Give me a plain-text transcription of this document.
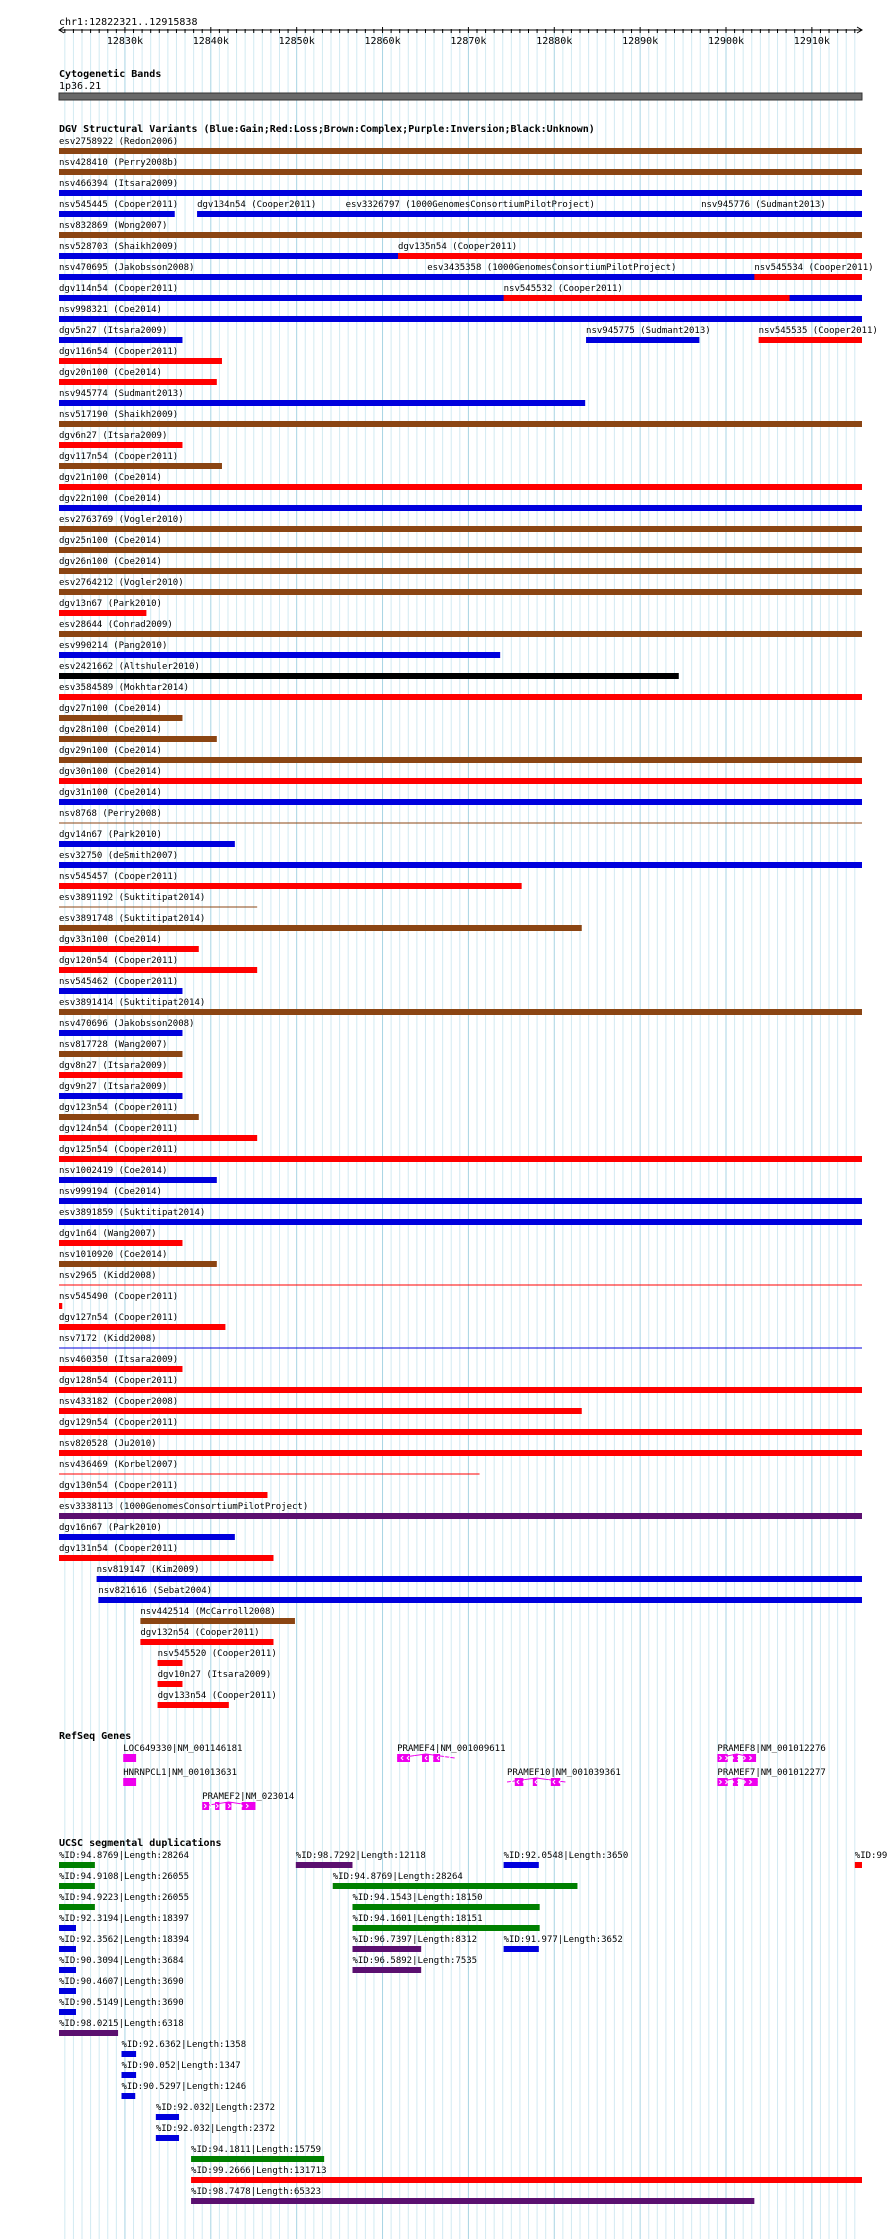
chr1:12822321..12915838
12830k	12840k	12850k	12860k	12870k	12880k	12890k	12900k	12910k
Cytogenetic Bands
1p36.21
DGV Structural Variants (Blue:Gain;Red:Loss;Brown:Complex;Purple:Inversion;Black:Unknown)
esv2758922 (Redon2006)
nsv428410 (Perry2008b)
nsv466394 (Itsara2009)
nsv545445 (Cooper2011) dgv134n54 (Cooper2011)	esv3326797 (1000GenomesConsortiumPilotProject)	nsv945776 (Sudmant2013)
nsv832869 (Wong2007)
nsv528703 (Shaikh2009)	dgv135n54 (Cooper2011)
nsv470695 (Jakobsson2008)	esv3435358 (1000GenomesConsortiumPilotProject)	nsv545534 (Cooper2011)
dgv114n54 (Cooper2011)	nsv545532 (Cooper2011)
nsv998321 (Coe2014)
dgv5n27 (Itsara2009)	nsv945775 (Sudmant2013)	nsv545535 (Cooper2011)
dgv116n54 (Cooper2011)
dgv20n100 (Coe2014)
nsv945774 (Sudmant2013)
nsv517190 (Shaikh2009)
dgv6n27 (Itsara2009)
dgv117n54 (Cooper2011)
dgv21n100 (Coe2014)
dgv22n100 (Coe2014)
esv2763769 (Vogler2010)
dgv25n100 (Coe2014)
dgv26n100 (Coe2014)
esv2764212 (Vogler2010)
dgv13n67 (Park2010)
esv28644 (Conrad2009)
esv990214 (Pang2010)
esv2421662 (Altshuler2010)
esv3584589 (Mokhtar2014)
dgv27n100 (Coe2014)
dgv28n100 (Coe2014)
dgv29n100 (Coe2014)
dgv30n100 (Coe2014)
dgv31n100 (Coe2014)
nsv8768 (Perry2008)
dgv14n67 (Park2010)
esv32750 (deSmith2007)
nsv545457 (Cooper2011)
esv3891192 (Suktitipat2014)
esv3891748 (Suktitipat2014)
dgv33n100 (Coe2014)
dgv120n54 (Cooper2011)
nsv545462 (Cooper2011)
esv3891414 (Suktitipat2014)
nsv470696 (Jakobsson2008)
nsv817728 (Wang2007)
dgv8n27 (Itsara2009)
dgv9n27 (Itsara2009)
dgv123n54 (Cooper2011)
dgv124n54 (Cooper2011)
dgv125n54 (Cooper2011)
nsv1002419 (Coe2014)
nsv999194 (Coe2014)
esv3891859 (Suktitipat2014)
dgv1n64 (Wang2007)
nsv1010920 (Coe2014)
nsv2965 (Kidd2008)
nsv545490 (Cooper2011)
dgv127n54 (Cooper2011)
nsv7172 (Kidd2008)
nsv460350 (Itsara2009)
dgv128n54 (Cooper2011)
nsv433182 (Cooper2008)
dgv129n54 (Cooper2011)
nsv820528 (Ju2010)
nsv436469 (Korbel2007)
dgv130n54 (Cooper2011)
esv3338113 (1000GenomesConsortiumPilotProject)
dgv16n67 (Park2010)
dgv131n54 (Cooper2011)
nsv819147 (Kim2009)
nsv821616 (Sebat2004)
nsv442514 (McCarroll2008)
dgv132n54 (Cooper2011)
nsv545520 (Cooper2011)
dgv10n27 (Itsara2009)
dgv133n54 (Cooper2011)
RefSeq Genes
LOC649330|NM_001146181	PRAMEF4|NM_001009611	PRAMEF8|NM_001012276
HNRNPCL1|NM_001013631	PRAMEF10|NM_001039361	PRAMEF7|NM_001012277
PRAMEF2|NM_023014
UCSC segmental duplications
%ID:94.8769|Length:28264	%ID:98.7292|Length:12118	%ID:92.0548|Length:3650	%ID:99
%ID:94.9108|Length:26055	%ID:94.8769|Length:28264
%ID:94.9223|Length:26055	%ID:94.1543|Length:18150
%ID:92.3194|Length:18397	%ID:94.1601|Length:18151
%ID:92.3562|Length:18394	%ID:96.7397|Length:8312	%ID:91.977|Length:3652
%ID:90.3094|Length:3684	%ID:96.5892|Length:7535
%ID:90.4607|Length:3690
%ID:90.5149|Length:3690
%ID:98.0215|Length:6318
%ID:92.6362|Length:1358
%ID:90.052|Length:1347
%ID:90.5297|Length:1246
%ID:92.032|Length:2372
%ID:92.032|Length:2372
%ID:94.1811|Length:15759
%ID:99.2666|Length:131713
%ID:98.7478|Length:65323
